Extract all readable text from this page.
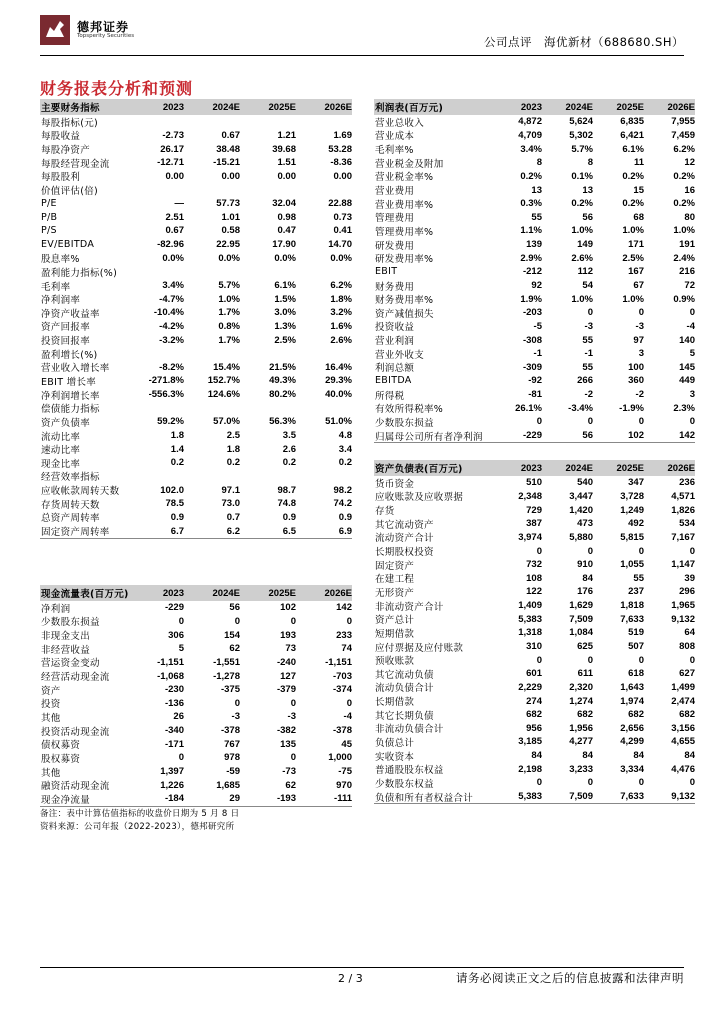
德邦证券
Topsperity Securities	公司点评　海优新材（688680.SH）
财务报表分析和预测
主要财务指标	2023	2024E	2025E	2026E
每股指标(元)
每股收益	-2.73	0.67	1.21	1.69
每股净资产	26.17	38.48	39.68	53.28
每股经营现金流	-12.71	-15.21	1.51	-8.36
每股股利	0.00	0.00	0.00	0.00
价值评估(倍)
P/E	—	57.73	32.04	22.88
P/B	2.51	1.01	0.98	0.73
P/S	0.67	0.58	0.47	0.41
EV/EBITDA	-82.96	22.95	17.90	14.70
股息率%	0.0%	0.0%	0.0%	0.0%
盈利能力指标(%)
毛利率	3.4%	5.7%	6.1%	6.2%
净利润率	-4.7%	1.0%	1.5%	1.8%
净资产收益率	-10.4%	1.7%	3.0%	3.2%
资产回报率	-4.2%	0.8%	1.3%	1.6%
投资回报率	-3.2%	1.7%	2.5%	2.6%
盈利增长(%)
营业收入增长率	-8.2%	15.4%	21.5%	16.4%
EBIT 增长率	-271.8%	152.7%	49.3%	29.3%
净利润增长率	-556.3%	124.6%	80.2%	40.0%
偿债能力指标
资产负债率	59.2%	57.0%	56.3%	51.0%
流动比率	1.8	2.5	3.5	4.8
速动比率	1.4	1.8	2.6	3.4
现金比率	0.2	0.2	0.2	0.2
经营效率指标
应收帐款周转天数	102.0	97.1	98.7	98.2
存货周转天数	78.5	73.0	74.8	74.2
总资产周转率	0.9	0.7	0.9	0.9
固定资产周转率	6.7	6.2	6.5	6.9
现金流量表(百万元)	2023	2024E	2025E	2026E
净利润	-229	56	102	142
少数股东损益	0	0	0	0
非现金支出	306	154	193	233
非经营收益	5	62	73	74
营运资金变动	-1,151	-1,551	-240	-1,151
经营活动现金流	-1,068	-1,278	127	-703
资产	-230	-375	-379	-374
投资	-136	0	0	0
其他	26	-3	-3	-4
投资活动现金流	-340	-378	-382	-378
债权募资	-171	767	135	45
股权募资	0	978	0	1,000
其他	1,397	-59	-73	-75
融资活动现金流	1,226	1,685	62	970
现金净流量	-184	29	-193	-111
利润表(百万元)	2023	2024E	2025E	2026E
营业总收入	4,872	5,624	6,835	7,955
营业成本	4,709	5,302	6,421	7,459
毛利率%	3.4%	5.7%	6.1%	6.2%
营业税金及附加	8	8	11	12
营业税金率%	0.2%	0.1%	0.2%	0.2%
营业费用	13	13	15	16
营业费用率%	0.3%	0.2%	0.2%	0.2%
管理费用	55	56	68	80
管理费用率%	1.1%	1.0%	1.0%	1.0%
研发费用	139	149	171	191
研发费用率%	2.9%	2.6%	2.5%	2.4%
EBIT	-212	112	167	216
财务费用	92	54	67	72
财务费用率%	1.9%	1.0%	1.0%	0.9%
资产减值损失	-203	0	0	0
投资收益	-5	-3	-3	-4
营业利润	-308	55	97	140
营业外收支	-1	-1	3	5
利润总额	-309	55	100	145
EBITDA	-92	266	360	449
所得税	-81	-2	-2	3
有效所得税率%	26.1%	-3.4%	-1.9%	2.3%
少数股东损益	0	0	0	0
归属母公司所有者净利润	-229	56	102	142
资产负债表(百万元)	2023	2024E	2025E	2026E
货币资金	510	540	347	236
应收账款及应收票据	2,348	3,447	3,728	4,571
存货	729	1,420	1,249	1,826
其它流动资产	387	473	492	534
流动资产合计	3,974	5,880	5,815	7,167
长期股权投资	0	0	0	0
固定资产	732	910	1,055	1,147
在建工程	108	84	55	39
无形资产	122	176	237	296
非流动资产合计	1,409	1,629	1,818	1,965
资产总计	5,383	7,509	7,633	9,132
短期借款	1,318	1,084	519	64
应付票据及应付账款	310	625	507	808
预收账款	0	0	0	0
其它流动负债	601	611	618	627
流动负债合计	2,229	2,320	1,643	1,499
长期借款	274	1,274	1,974	2,474
其它长期负债	682	682	682	682
非流动负债合计	956	1,956	2,656	3,156
负债总计	3,185	4,277	4,299	4,655
实收资本	84	84	84	84
普通股股东权益	2,198	3,233	3,334	4,476
少数股东权益	0	0	0	0
负债和所有者权益合计	5,383	7,509	7,633	9,132
备注：表中计算估值指标的收盘价日期为 5 月 8 日
资料来源：公司年报（2022-2023），德邦研究所
2 / 3	请务必阅读正文之后的信息披露和法律声明
